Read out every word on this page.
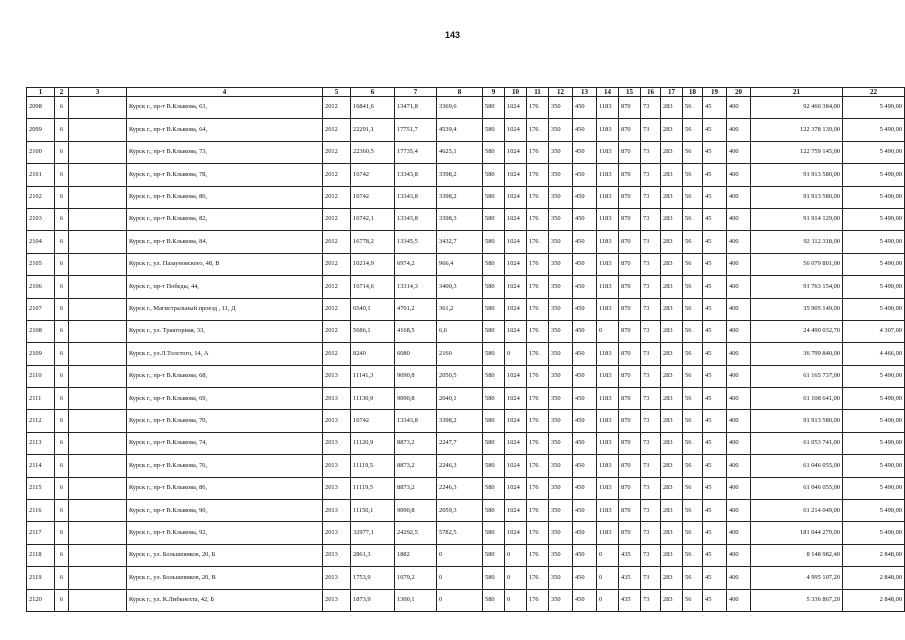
143
1	2	3	4	5	6	7	8	9	10	11	12	13	14	15	16	17	18	19	20	21	22
2098	6		Курск г., пр-т В.Клыкова, 63,	2012	16841,6	13471,8	3369,6	580	1024	176	350	450	1183	870	73	283	56	45	400	92 460 384,00	5 490,00
2099	6		Курск г., пр-т В.Клыкова, 64,	2012	22291,1	17751,7	4539,4	580	1024	176	350	450	1183	870	73	283	56	45	400	122 378 139,00	5 490,00
2100	6		Курск г., пр-т В.Клыкова, 73,	2012	22360,5	17735,4	4625,1	580	1024	176	350	450	1183	870	73	283	56	45	400	122 759 145,00	5 490,00
2101	6		Курск г., пр-т В.Клыкова, 78,	2012	16742	13343,8	3398,2	580	1024	176	350	450	1183	870	73	283	56	45	400	91 913 580,00	5 490,00
2102	6		Курск г., пр-т В.Клыкова, 80,	2012	16742	13343,8	3398,2	580	1024	176	350	450	1183	870	73	283	56	45	400	91 913 580,00	5 490,00
2103	6		Курск г., пр-т В.Клыкова, 82,	2012	16742,1	13343,8	3398,3	580	1024	176	350	450	1183	870	73	283	56	45	400	91 914 129,00	5 490,00
2104	6		Курск г., пр-т В.Клыкова, 84,	2012	16778,2	13345,5	3432,7	580	1024	176	350	450	1183	870	73	283	56	45	400	92 112 318,00	5 490,00
2105	6		Курск г., ул. Пазауновского, 48, В	2012	10214,9	6974,2	966,4	580	1024	176	350	450	1183	870	73	283	56	45	400	56 079 801,00	5 490,00
2106	6		Курск г., пр-т Победы, 44,	2012	16714,6	13314,3	3400,3	580	1024	176	350	450	1183	870	73	283	56	45	400	91 763 154,00	5 490,00
2107	6		Курск г., Магистральный проезд , 11, Д	2012	6540,1	4701,2	361,2	580	1024	176	350	450	1183	870	73	283	56	45	400	35 905 149,00	5 490,00
2108	6		Курск г., ул. Тракторная, 33,	2012	5686,1	4168,5	6,6	580	1024	176	350	450	0	870	73	283	56	45	400	24 490 032,70	4 307,00
2109	6		Курск г., ул.Л.Толстого, 14, А	2012	8240	6080	2160	580	0	176	350	450	1183	870	73	283	56	45	400	36 799 840,00	4 466,00
2110	6		Курск г., пр-т В.Клыкова, 68,	2013	11141,3	9090,8	2050,5	580	1024	176	350	450	1183	870	73	283	56	45	400	61 165 737,00	5 490,00
2111	6		Курск г., пр-т В.Клыкова, 69,	2013	11130,9	9090,8	2040,1	580	1024	176	350	450	1183	870	73	283	56	45	400	61 108 641,00	5 490,00
2112	6		Курск г., пр-т В.Клыкова, 70,	2013	16742	13343,8	3398,2	580	1024	176	350	450	1183	870	73	283	56	45	400	91 913 580,00	5 490,00
2113	6		Курск г., пр-т В.Клыкова, 74,	2013	11120,9	8873,2	2247,7	580	1024	176	350	450	1183	870	73	283	56	45	400	61 053 741,00	5 490,00
2114	6		Курск г., пр-т В.Клыкова, 76,	2013	11119,5	8873,2	2246,3	580	1024	176	350	450	1183	870	73	283	56	45	400	61 046 055,00	5 490,00
2115	6		Курск г., пр-т В.Клыкова, 86,	2013	11119,5	8873,2	2246,3	580	1024	176	350	450	1183	870	73	283	56	45	400	61 046 055,00	5 490,00
2116	6		Курск г., пр-т В.Клыкова, 90,	2013	11150,1	9090,8	2059,3	580	1024	176	350	450	1183	870	73	283	56	45	400	61 214 049,00	5 490,00
2117	6		Курск г., пр-т В.Клыкова, 92,	2013	32977,1	24292,5	5782,5	580	1024	176	350	450	1183	870	73	283	56	45	400	181 044 279,00	5 490,00
2118	6		Курск г., ул. Большевиков, 20, Б	2013	2861,3	1882	0	580	0	176	350	450	0	435	73	283	56	45	400	8 148 982,40	2 848,00
2119	6		Курск г., ул. Большевиков, 20, В	2013	1753,9	1079,2	0	580	0	176	350	450	0	435	73	283	56	45	400	4 995 107,20	2 848,00
2120	6		Курск г., ул. К.Либкнехта, 42, Б	2013	1873,9	1300,1	0	580	0	176	350	450	0	435	73	283	56	45	400	5 336 867,20	2 848,00
